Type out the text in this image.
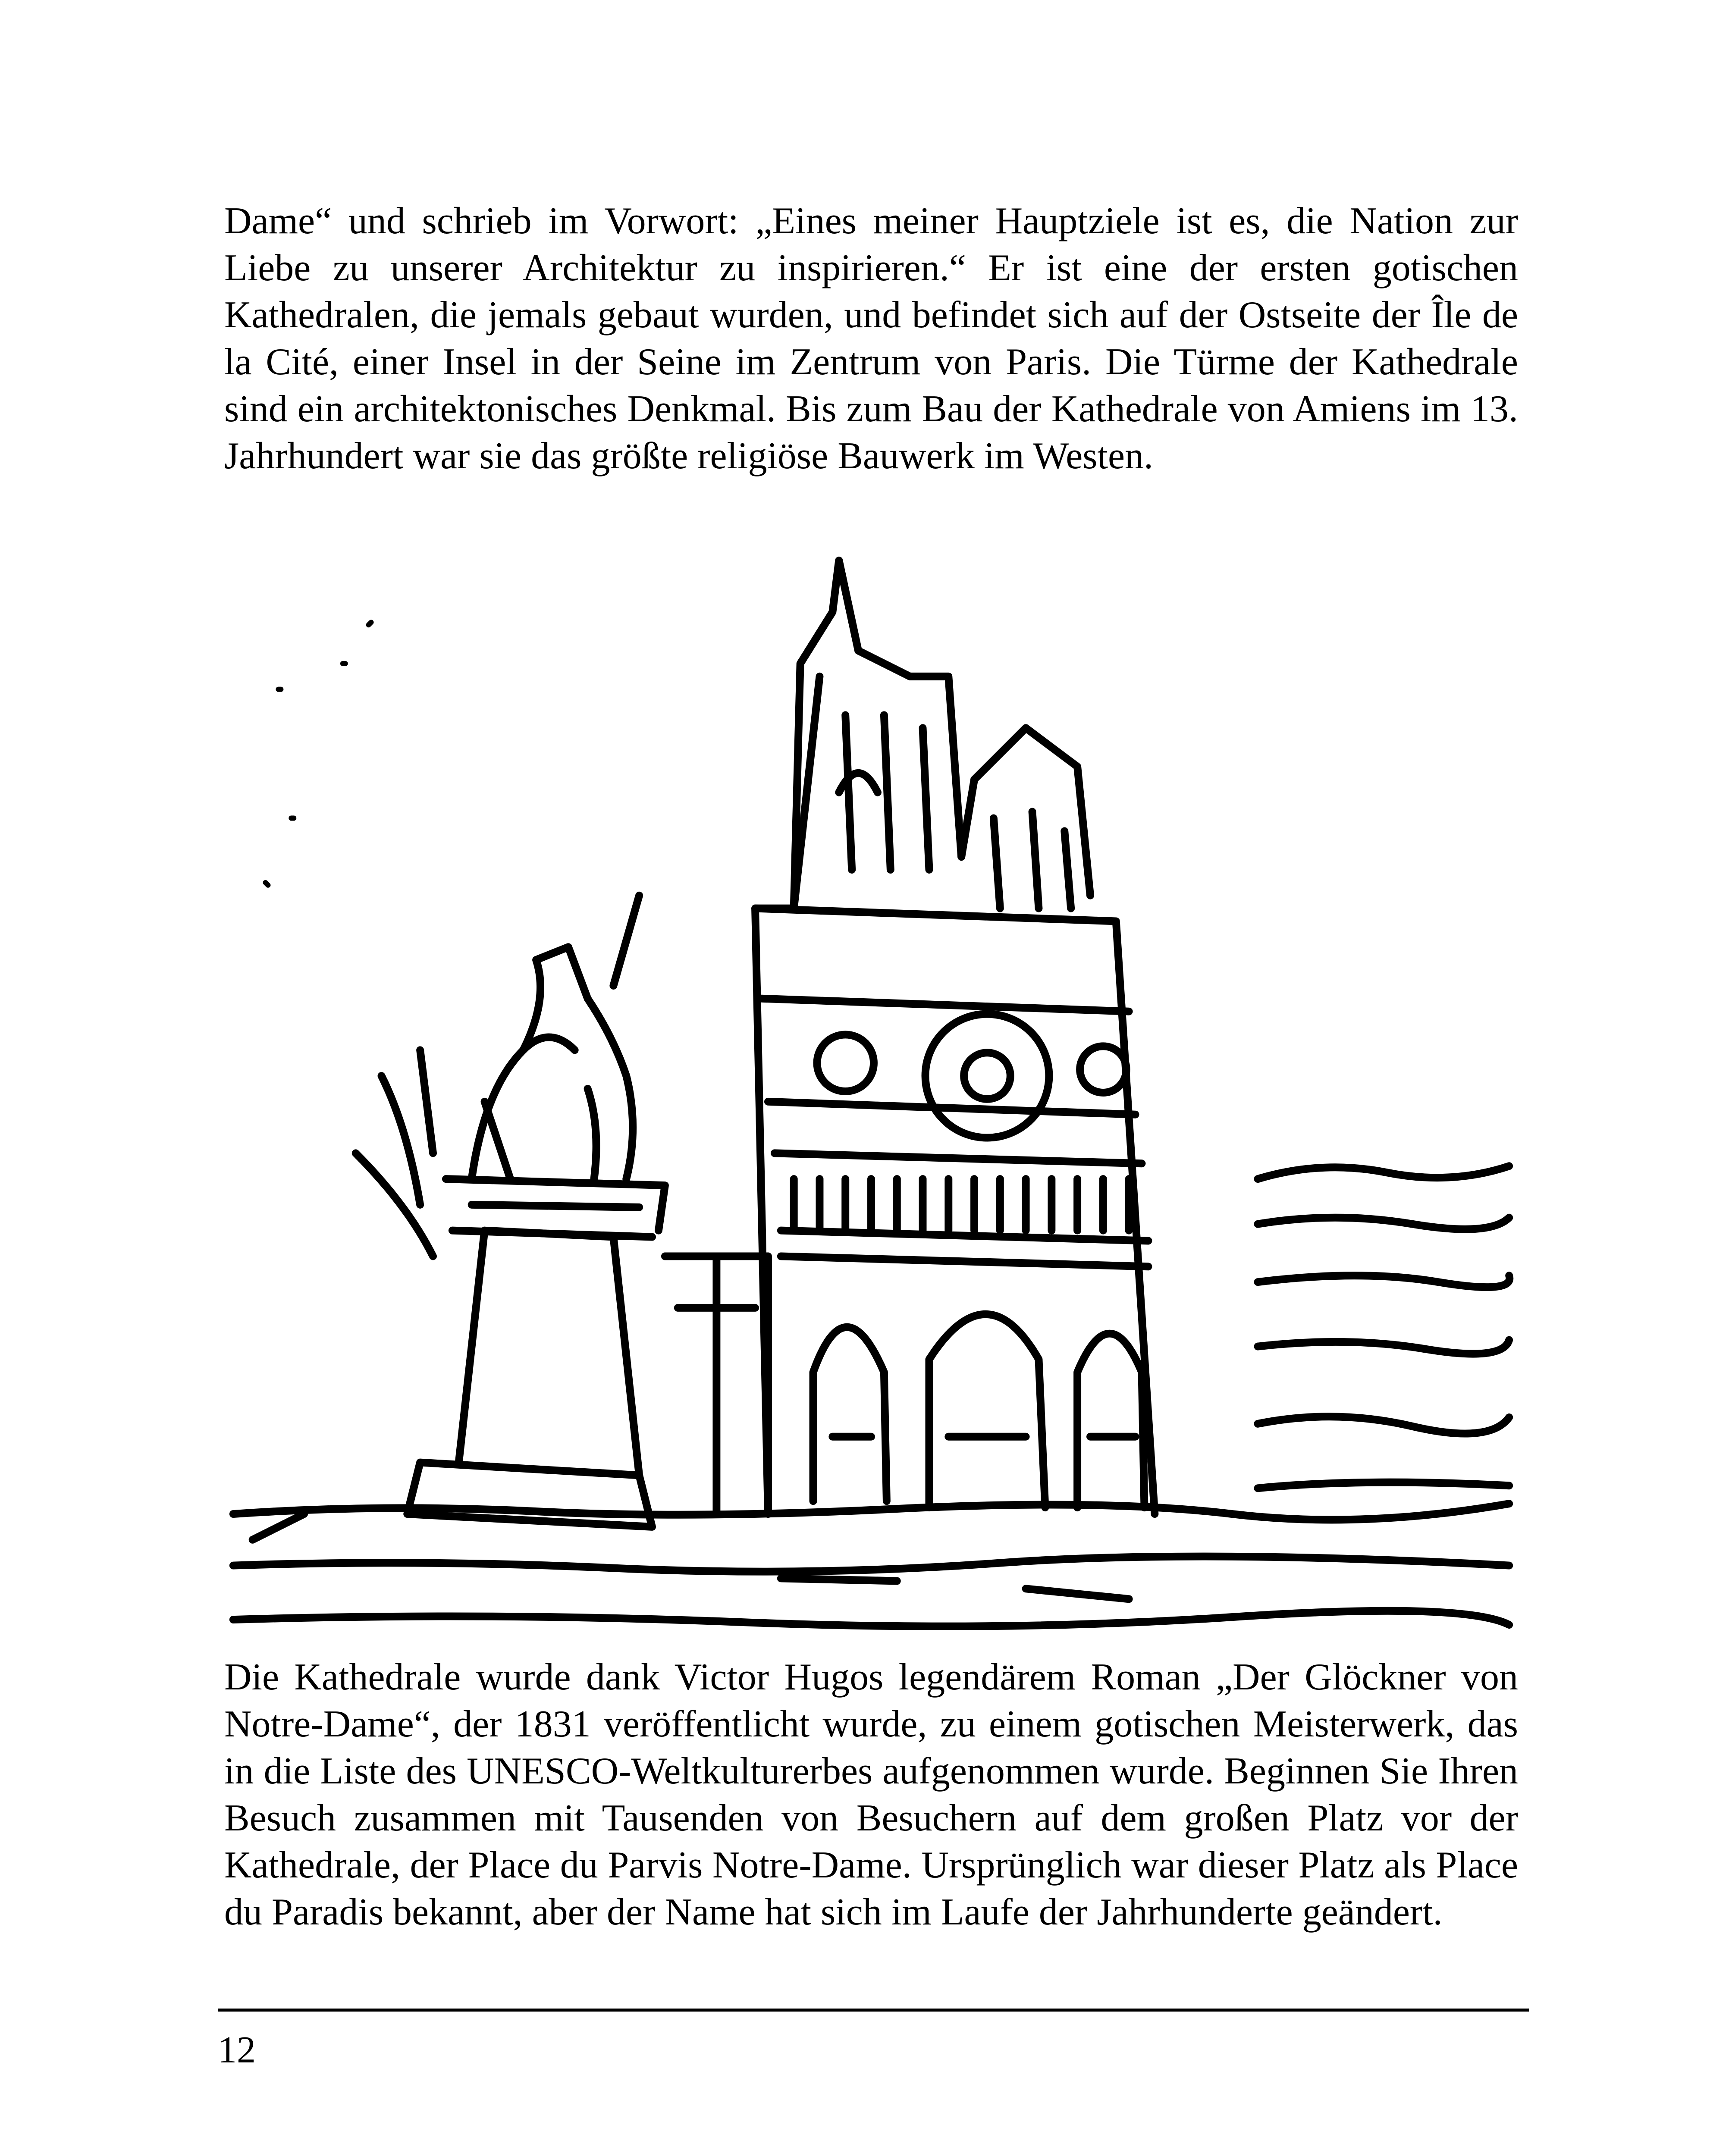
Dame“ und schrieb im Vorwort: „Eines meiner Hauptziele ist es, die Nation zur Liebe zu unserer Architektur zu inspirieren.“ Er ist eine der ersten gotischen Kathedralen, die jemals gebaut wurden, und befindet sich auf der Ostseite der Île de la Cité, einer Insel in der Seine im Zentrum von Paris. Die Türme der Kathedrale sind ein architektonisches Denkmal. Bis zum Bau der Kathedrale von Amiens im 13. Jahrhundert war sie das größte religiöse Bauwerk im Westen.

Die Kathedrale wurde dank Victor Hugos legendärem Roman „Der Glöckner von Notre-Dame“, der 1831 veröffentlicht wurde, zu einem gotischen Meisterwerk, das in die Liste des UNESCO-Weltkulturerbes aufgenommen wurde. Beginnen Sie Ihren Besuch zusammen mit Tausenden von Besuchern auf dem großen Platz vor der Kathedrale, der Place du Parvis Notre-Dame. Ursprünglich war dieser Platz als Place du Paradis bekannt, aber der Name hat sich im Laufe der Jahrhunderte geändert.

12
